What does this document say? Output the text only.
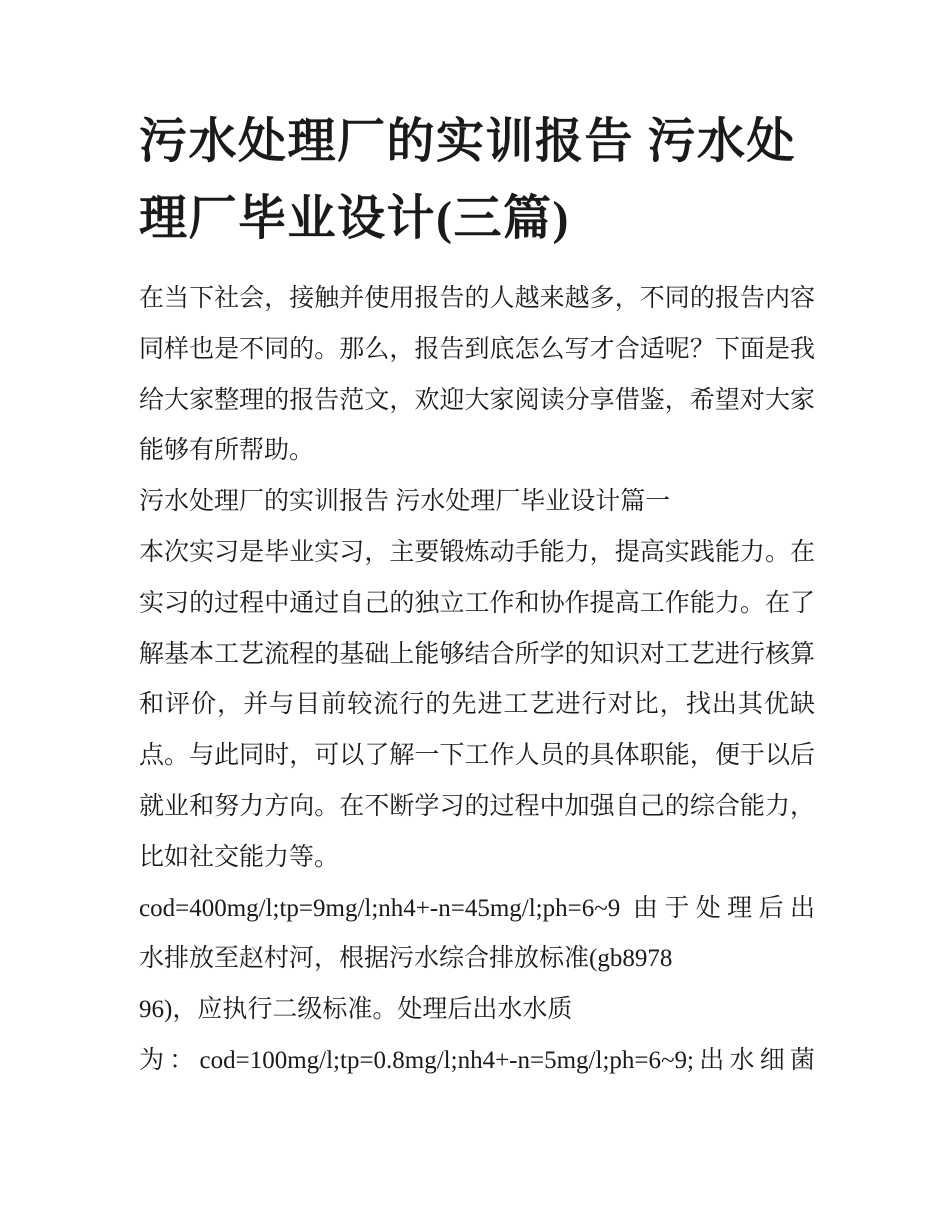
污水处理厂的实训报告 污水处
理厂毕业设计(三篇)
在当下社会，接触并使用报告的人越来越多，不同的报告内容
同样也是不同的。那么，报告到底怎么写才合适呢？下面是我
给大家整理的报告范文，欢迎大家阅读分享借鉴，希望对大家
能够有所帮助。
污水处理厂的实训报告 污水处理厂毕业设计篇一
本次实习是毕业实习，主要锻炼动手能力，提高实践能力。在
实习的过程中通过自己的独立工作和协作提高工作能力。在了
解基本工艺流程的基础上能够结合所学的知识对工艺进行核算
和评价，并与目前较流行的先进工艺进行对比，找出其优缺
点。与此同时，可以了解一下工作人员的具体职能，便于以后
就业和努力方向。在不断学习的过程中加强自己的综合能力，
比如社交能力等。
cod=400mg/l;tp=9mg/l;nh4+-n=45mg/l;ph=6~9 由于处理后出
水排放至赵村河，根据污水综合排放标准(gb8978
96)，应执行二级标准。处理后出水水质
为：cod=100mg/l;tp=0.8mg/l;nh4+-n=5mg/l;ph=6~9;出水细菌
